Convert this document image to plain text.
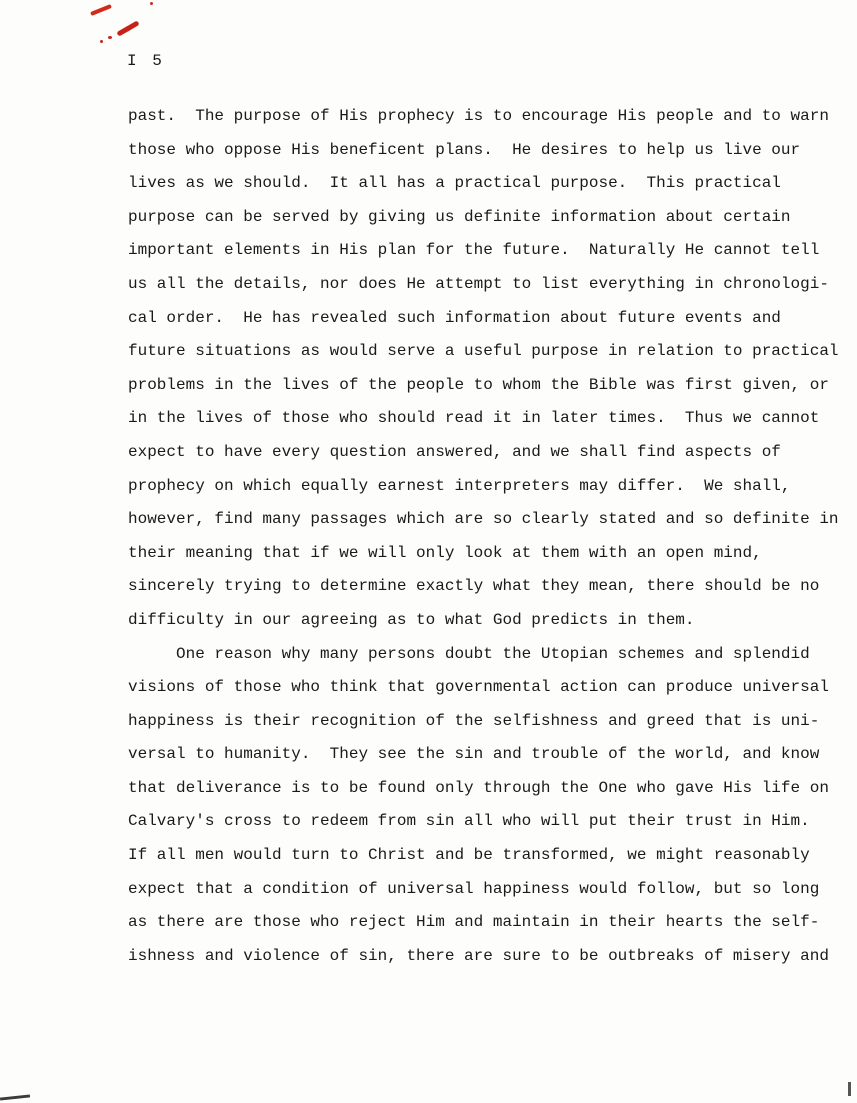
I 5

past.  The purpose of His prophecy is to encourage His people and to warn
those who oppose His beneficent plans.  He desires to help us live our
lives as we should.  It all has a practical purpose.  This practical
purpose can be served by giving us definite information about certain
important elements in His plan for the future.  Naturally He cannot tell
us all the details, nor does He attempt to list everything in chronologi-
cal order.  He has revealed such information about future events and
future situations as would serve a useful purpose in relation to practical
problems in the lives of the people to whom the Bible was first given, or
in the lives of those who should read it in later times.  Thus we cannot
expect to have every question answered, and we shall find aspects of
prophecy on which equally earnest interpreters may differ.  We shall,
however, find many passages which are so clearly stated and so definite in
their meaning that if we will only look at them with an open mind,
sincerely trying to determine exactly what they mean, there should be no
difficulty in our agreeing as to what God predicts in them.
One reason why many persons doubt the Utopian schemes and splendid
visions of those who think that governmental action can produce universal
happiness is their recognition of the selfishness and greed that is uni-
versal to humanity.  They see the sin and trouble of the world, and know
that deliverance is to be found only through the One who gave His life on
Calvary's cross to redeem from sin all who will put their trust in Him.
If all men would turn to Christ and be transformed, we might reasonably
expect that a condition of universal happiness would follow, but so long
as there are those who reject Him and maintain in their hearts the self-
ishness and violence of sin, there are sure to be outbreaks of misery and
